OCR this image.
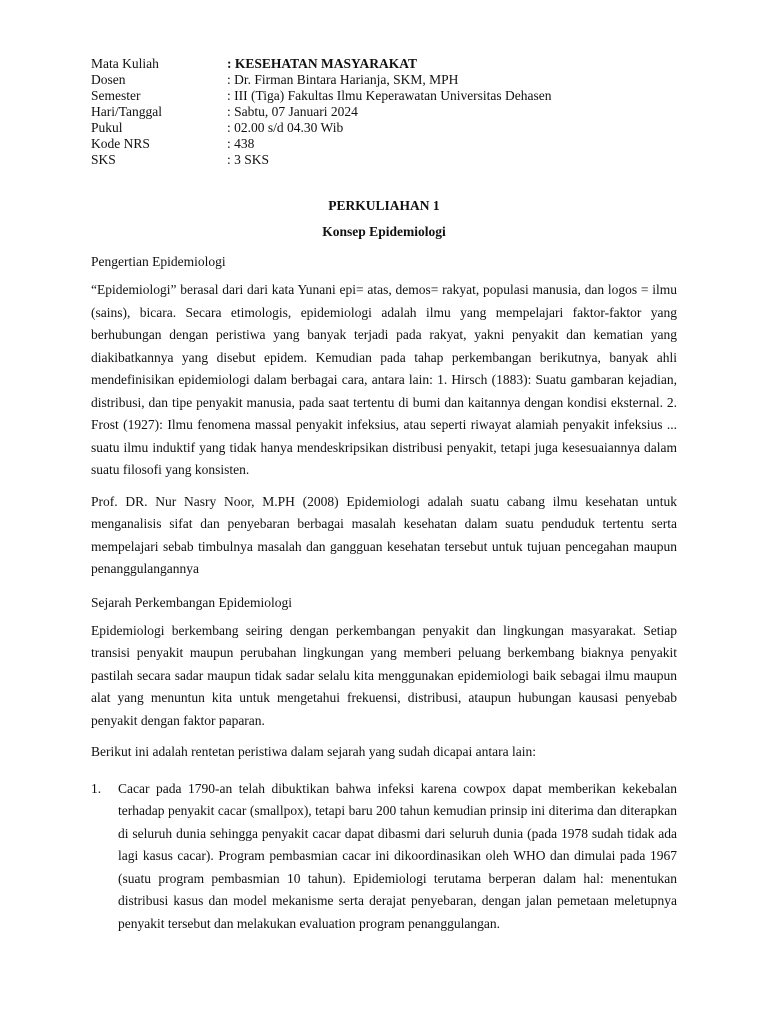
Mata Kuliah	: KESEHATAN MASYARAKAT
Dosen	: Dr. Firman Bintara Harianja, SKM, MPH
Semester	: III (Tiga) Fakultas Ilmu Keperawatan Universitas Dehasen
Hari/Tanggal	: Sabtu, 07 Januari 2024
Pukul	: 02.00 s/d 04.30 Wib
Kode NRS	: 438
SKS	: 3 SKS
PERKULIAHAN 1
Konsep Epidemiologi
Pengertian Epidemiologi

“Epidemiologi” berasal dari dari kata Yunani epi= atas, demos= rakyat, populasi manusia, dan logos = ilmu (sains), bicara. Secara etimologis, epidemiologi adalah ilmu yang mempelajari faktor-faktor yang berhubungan dengan peristiwa yang banyak terjadi pada rakyat, yakni penyakit dan kematian yang diakibatkannya yang disebut epidem. Kemudian pada tahap perkembangan berikutnya, banyak ahli mendefinisikan epidemiologi dalam berbagai cara, antara lain: 1. Hirsch (1883): Suatu gambaran kejadian, distribusi, dan tipe penyakit manusia, pada saat tertentu di bumi dan kaitannya dengan kondisi eksternal. 2. Frost (1927): Ilmu fenomena massal penyakit infeksius, atau seperti riwayat alamiah penyakit infeksius ... suatu ilmu induktif yang tidak hanya mendeskripsikan distribusi penyakit, tetapi juga kesesuaiannya dalam suatu filosofi yang konsisten.

Prof. DR. Nur Nasry Noor, M.PH (2008) Epidemiologi adalah suatu cabang ilmu kesehatan untuk menganalisis sifat dan penyebaran berbagai masalah kesehatan dalam suatu penduduk tertentu serta mempelajari sebab timbulnya masalah dan gangguan kesehatan tersebut untuk tujuan pencegahan maupun penanggulangannya

Sejarah Perkembangan Epidemiologi

Epidemiologi berkembang seiring dengan perkembangan penyakit dan lingkungan masyarakat. Setiap transisi penyakit maupun perubahan lingkungan yang memberi peluang berkembang biaknya penyakit pastilah secara sadar maupun tidak sadar selalu kita menggunakan epidemiologi baik sebagai ilmu maupun alat yang menuntun kita untuk mengetahui frekuensi, distribusi, ataupun hubungan kausasi penyebab penyakit dengan faktor paparan.

Berikut ini adalah rentetan peristiwa dalam sejarah yang sudah dicapai antara lain:

1.	Cacar pada 1790-an telah dibuktikan bahwa infeksi karena cowpox dapat memberikan kekebalan terhadap penyakit cacar (smallpox), tetapi baru 200 tahun kemudian prinsip ini diterima dan diterapkan di seluruh dunia sehingga penyakit cacar dapat dibasmi dari seluruh dunia (pada 1978 sudah tidak ada lagi kasus cacar). Program pembasmian cacar ini dikoordinasikan oleh WHO dan dimulai pada 1967 (suatu program pembasmian 10 tahun). Epidemiologi terutama berperan dalam hal: menentukan distribusi kasus dan model mekanisme serta derajat penyebaran, dengan jalan pemetaan meletupnya penyakit tersebut dan melakukan evaluation program penanggulangan.
